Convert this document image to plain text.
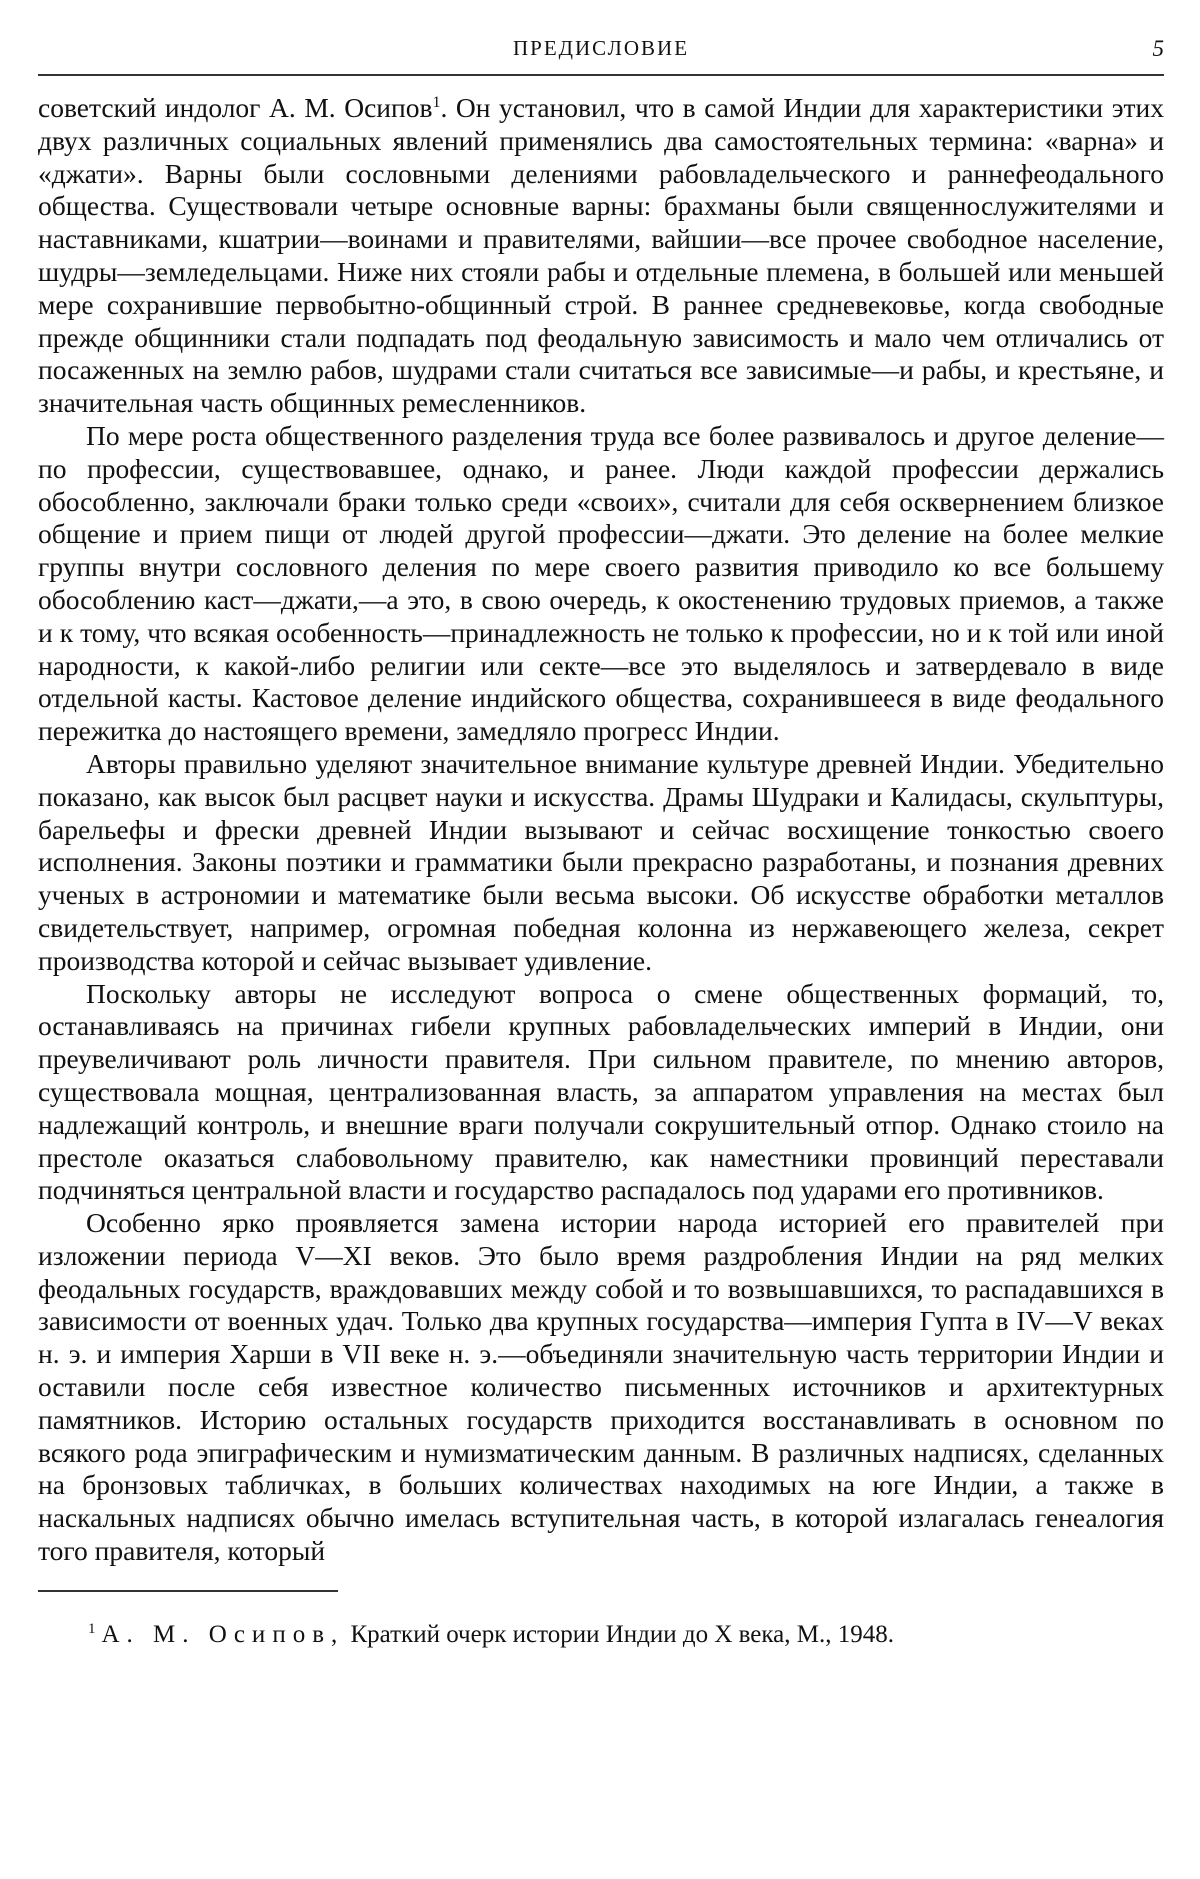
ПРЕДИСЛОВИЕ	5

советский индолог А. М. Осипов$^1$. Он установил, что в самой Индии для характеристики этих двух различных социальных явлений применялись два самостоятельных термина: «варна» и «джати». Варны были сословными делениями рабовладельческого и раннефеодального общества. Существовали четыре основные варны: брахманы были священнослужителями и наставниками, кшатрии—воинами и правителями, вайшии—все прочее свободное население, шудры—земледельцами. Ниже них стояли рабы и отдельные племена, в большей или меньшей мере сохранившие первобытно-общинный строй. В раннее средневековье, когда свободные прежде общинники стали подпадать под феодальную зависимость и мало чем отличались от посаженных на землю рабов, шудрами стали считаться все зависимые—и рабы, и крестьяне, и значительная часть общинных ремесленников.

По мере роста общественного разделения труда все более развивалось и другое деление—по профессии, существовавшее, однако, и ранее. Люди каждой профессии держались обособленно, заключали браки только среди «своих», считали для себя осквернением близкое общение и прием пищи от людей другой профессии—джати. Это деление на более мелкие группы внутри сословного деления по мере своего развития приводило ко все большему обособлению каст—джати,—а это, в свою очередь, к окостенению трудовых приемов, а также и к тому, что всякая особенность—принадлежность не только к профессии, но и к той или иной народности, к какой-либо религии или секте—все это выделялось и затвердевало в виде отдельной касты. Кастовое деление индийского общества, сохранившееся в виде феодального пережитка до настоящего времени, замедляло прогресс Индии.

Авторы правильно уделяют значительное внимание культуре древней Индии. Убедительно показано, как высок был расцвет науки и искусства. Драмы Шудраки и Калидасы, скульптуры, барельефы и фрески древней Индии вызывают и сейчас восхищение тонкостью своего исполнения. Законы поэтики и грамматики были прекрасно разработаны, и познания древних ученых в астрономии и математике были весьма высоки. Об искусстве обработки металлов свидетельствует, например, огромная победная колонна из нержавеющего железа, секрет производства которой и сейчас вызывает удивление.

Поскольку авторы не исследуют вопроса о смене общественных формаций, то, останавливаясь на причинах гибели крупных рабовладельческих империй в Индии, они преувеличивают роль личности правителя. При сильном правителе, по мнению авторов, существовала мощная, централизованная власть, за аппаратом управления на местах был надлежащий контроль, и внешние враги получали сокрушительный отпор. Однако стоило на престоле оказаться слабовольному правителю, как наместники провинций переставали подчиняться центральной власти и государство распадалось под ударами его противников.

Особенно ярко проявляется замена истории народа историей его правителей при изложении периода V—XI веков. Это было время раздробления Индии на ряд мелких феодальных государств, враждовавших между собой и то возвышавшихся, то распадавшихся в зависимости от военных удач. Только два крупных государства—империя Гупта в IV—V веках н. э. и империя Харши в VII веке н. э.—объединяли значительную часть территории Индии и оставили после себя известное количество письменных источников и архитектурных памятников. Историю остальных государств приходится восстанавливать в основном по всякого рода эпиграфическим и нумизматическим данным. В различных надписях, сделанных на бронзовых табличках, в больших количествах находимых на юге Индии, а также в наскальных надписях обычно имелась вступительная часть, в которой излагалась генеалогия того правителя, который

$^1$ А. М. Осипов, Краткий очерк истории Индии до X века, М., 1948.
